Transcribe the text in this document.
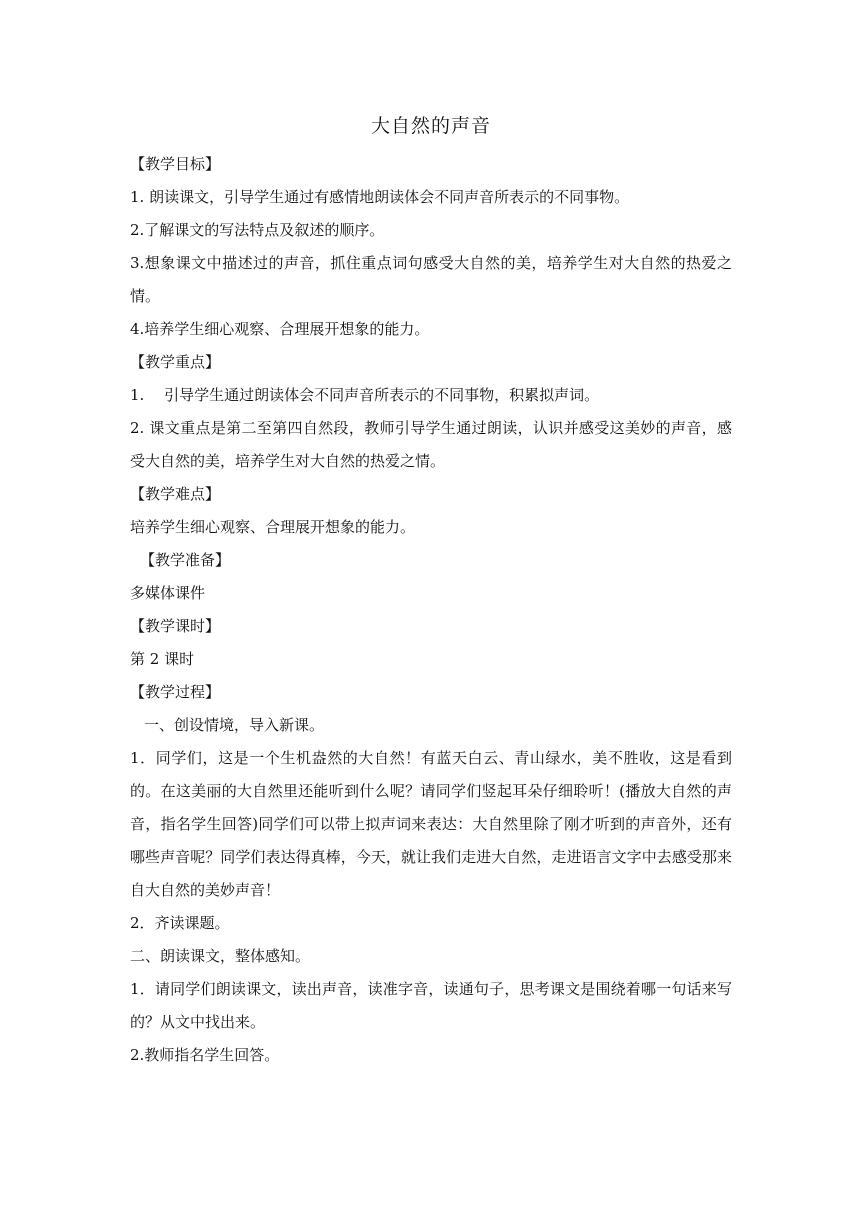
大自然的声音

【教学目标】

1. 朗读课文，引导学生通过有感情地朗读体会不同声音所表示的不同事物。

2.了解课文的写法特点及叙述的顺序。

3.想象课文中描述过的声音，抓住重点词句感受大自然的美，培养学生对大自然的热爱之情。

4.培养学生细心观察、合理展开想象的能力。

【教学重点】

1.　 引导学生通过朗读体会不同声音所表示的不同事物，积累拟声词。

2. 课文重点是第二至第四自然段，教师引导学生通过朗读，认识并感受这美妙的声音，感受大自然的美，培养学生对大自然的热爱之情。

【教学难点】

培养学生细心观察、合理展开想象的能力。

【教学准备】

多媒体课件

【教学课时】

第 2 课时

【教学过程】

一、创设情境，导入新课。

1．同学们，这是一个生机盎然的大自然！有蓝天白云、青山绿水，美不胜收，这是看到的。在这美丽的大自然里还能听到什么呢？请同学们竖起耳朵仔细聆听！(播放大自然的声音，指名学生回答)同学们可以带上拟声词来表达：大自然里除了刚才听到的声音外，还有哪些声音呢？同学们表达得真棒，今天，就让我们走进大自然，走进语言文字中去感受那来自大自然的美妙声音！

2．齐读课题。

二、朗读课文，整体感知。

1．请同学们朗读课文，读出声音，读准字音，读通句子，思考课文是围绕着哪一句话来写的？从文中找出来。

2.教师指名学生回答。
